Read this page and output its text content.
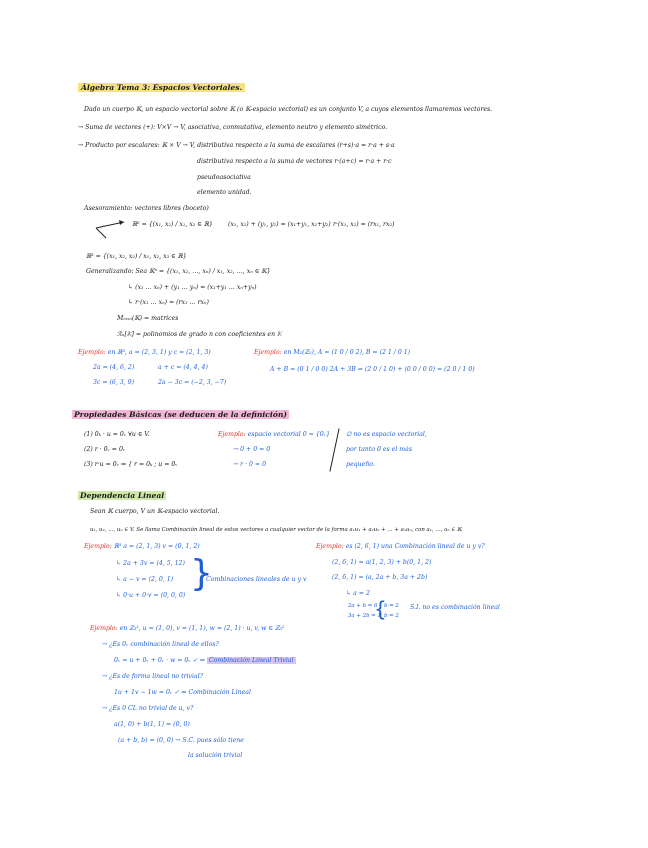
Álgebra Tema 3: Espacios Vectoriales.
Dado un cuerpo 𝕂, un espacio vectorial sobre 𝕂 (o 𝕂-espacio vectorial) es un conjunto V, a cuyos elementos llamaremos vectores.
→ Suma de vectores (+): V×V → V, asociativa, conmutativa, elemento neutro y elemento simétrico.
→ Producto por escalares: 𝕂 × V → V, distributiva respecto a la suma de escalares (r+s)·a = r·a + s·a
distributiva respecto a la suma de vectores r·(a+c) = r·a + r·c
pseudoasociativa
elemento unidad.
Asesoramiento: vectores libres (boceto)
ℝ² = {(x₁, x₂) / x₁, x₂ ∈ ℝ} (x₁, x₂) + (y₁, y₂) = (x₁+y₁, x₂+y₂) r·(x₁, x₂) = (rx₁, rx₂)
ℝ³ = {(x₁, x₂, x₃) / x₁, x₂, x₃ ∈ ℝ}
Generalizando: Sea 𝕂ⁿ = {(x₁, x₂, …, xₙ) / x₁, x₂, …, xₙ ∈ 𝕂}
↳ (x₁ … xₙ) + (y₁ … yₙ) = (x₁+y₁ … xₙ+yₙ)
↳ r·(x₁ … xₙ) = (rx₁ … rxₙ)
Mₘₓₙ(𝕂) = matrices
ℛₙ[𝕂] = polinomios de grado n con coeficientes en 𝕂
Ejemplo: en ℝ³, a = (2, 3, 1) y c = (2, 1, 3)
2a = (4, 6, 2)	a + c = (4, 4, 4)
3c = (6, 3, 9)	2a − 3c = (−2, 3, −7)
Ejemplo: en M₂(ℤ₃), A = (1 0 / 0 2), B = (2 1 / 0 1)
A + B = (0 1 / 0 0) 2A + 3B = (2 0 / 1 0) + (0 0 / 0 0) = (2 0 / 1 0)
Propiedades Básicas (se deducen de la definición)
(1) 0ₖ · u = 0ᵥ ∀u ∈ V.
(2) r · 0ᵥ = 0ᵥ
(3) r·u = 0ᵥ ⇒ { r = 0ₖ ; u = 0ᵥ
Ejemplo: espacio vectorial 0 = {0ᵥ}
→ 0 + 0 = 0
→ r · 0 = 0
∅ no es espacio vectorial,
por tanto 0 es el más
pequeño.
Dependencia Lineal
Sean 𝕂 cuerpo, V un 𝕂-espacio vectorial.
u₁, u₂, …, uₙ ∈ V. Se llama Combinación lineal de estos vectores a cualquier vector de la forma a₁u₁ + a₂u₂ + … + aₙuₙ, con a₁, …, aₙ ∈ 𝕂
Ejemplo: ℝ³ a = (2, 1, 3) v = (0, 1, 2)
↳ 2a + 3v = (4, 5, 12)
↳ a − v = (2, 0, 1)
↳ 0·u + 0·v = (0, 0, 0)
}
Combinaciones lineales de u y v
Ejemplo: es (2, 6, 1) una Combinación lineal de u y v?
(2, 6, 1) = a(1, 2, 3) + b(0, 1, 2)
(2, 6, 1) = (a, 2a + b, 3a + 2b)
↳ a = 2
2a + b = 6
3a + 2b = 1
{
b = 2
b = 2
S.I. no es combinación lineal
Ejemplo: en ℤ₃², u = (1, 0), v = (1, 1), w = (2, 1) · u, v, w ∈ ℤ₃²
→ ¿Es 0ᵥ combinación lineal de ellos?
0ᵥ = u + 0ᵥ + 0ᵥ · w = 0ᵥ ✓ ⇒ Combinación Lineal Trivial
→ ¿Es de forma lineal no trivial?
1u + 1v − 1w = 0ᵥ ✓ ⇒ Combinación Lineal
→ ¿Es 0 CL no trivial de u, v?
a(1, 0) + b(1, 1) = (0, 0)
(a + b, b) = (0, 0) → S.C. pues sólo tiene
la solución trivial
